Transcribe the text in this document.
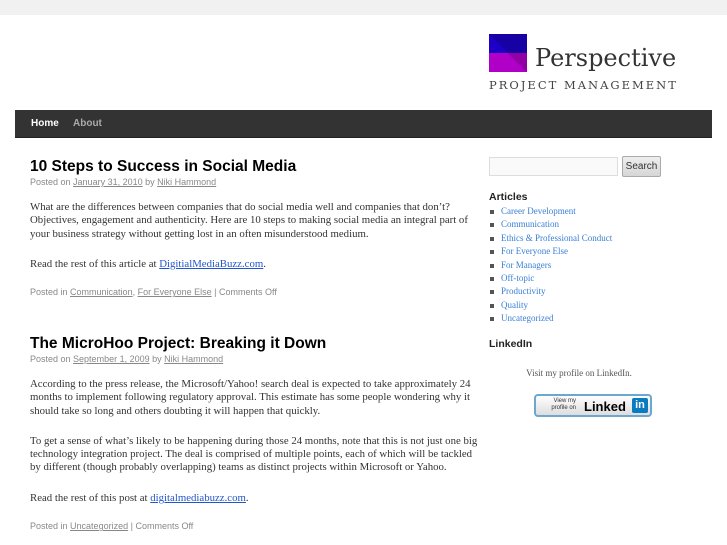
Perspective
PROJECT MANAGEMENT
Home About
10 Steps to Success in Social Media
Posted on January 31, 2010 by Niki Hammond

What are the differences between companies that do social media well and companies that don’t? Objectives, engagement and authenticity. Here are 10 steps to making social media an integral part of your business strategy without getting lost in an often misunderstood medium.

Read the rest of this article at DigitialMediaBuzz.com.

Posted in Communication, For Everyone Else | Comments Off
The MicroHoo Project: Breaking it Down
Posted on September 1, 2009 by Niki Hammond

According to the press release, the Microsoft/Yahoo! search deal is expected to take approximately 24 months to implement following regulatory approval. This estimate has some people wondering why it should take so long and others doubting it will happen that quickly.

To get a sense of what’s likely to be happening during those 24 months, note that this is not just one big technology integration project. The deal is comprised of multiple points, each of which will be tackled by different (though probably overlapping) teams as distinct projects within Microsoft or Yahoo.

Read the rest of this post at digitalmediabuzz.com.

Posted in Uncategorized | Comments Off
Search
Articles
Career Development
Communication
Ethics & Professional Conduct
For Everyone Else
For Managers
Off-topic
Productivity
Quality
Uncategorized
LinkedIn
Visit my profile on LinkedIn.
View my profile on Linked in
